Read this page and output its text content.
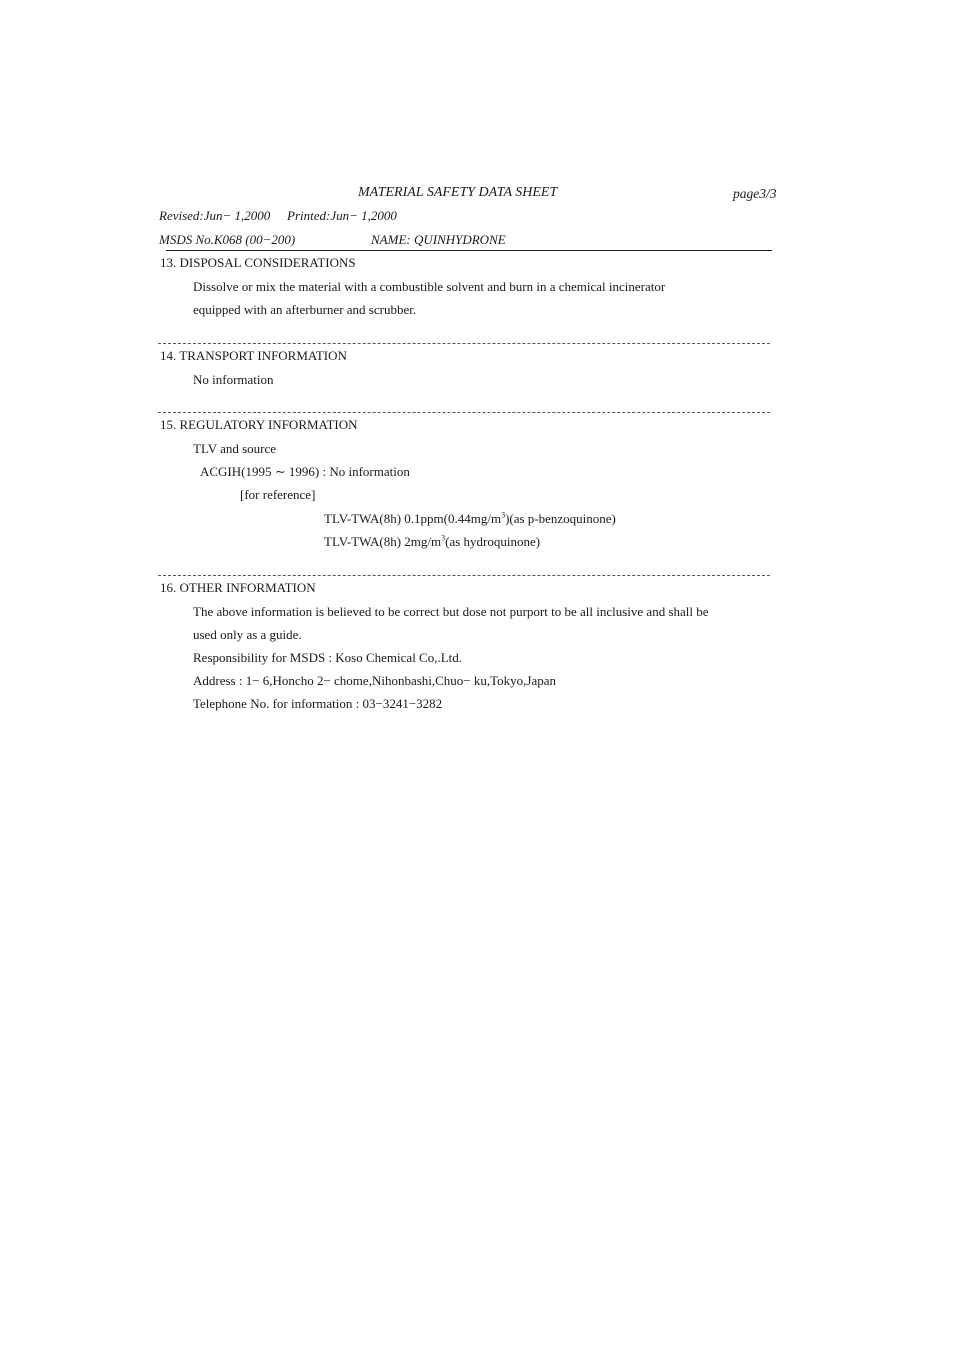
MATERIAL SAFETY DATA SHEET	page3/3
Revised:Jun− 1,2000 Printed:Jun− 1,2000
MSDS No.K068 (00−200)	NAME: QUINHYDRONE
13. DISPOSAL CONSIDERATIONS
Dissolve or mix the material with a combustible solvent and burn in a chemical incinerator
equipped with an afterburner and scrubber.
14. TRANSPORT INFORMATION
No information
15. REGULATORY INFORMATION
TLV and source
ACGIH(1995 ∼ 1996) : No information
[for reference]
TLV-TWA(8h) $0.1ppm(0.44mg/m^3)(as$ p-benzoquinone)
TLV-TWA(8h) $2mg/m^3(as$ hydroquinone)
16. OTHER INFORMATION
The above information is believed to be correct but dose not purport to be all inclusive and shall be
used only as a guide.
Responsibility for MSDS : Koso Chemical Co,.Ltd.
Address : 1− 6,Honcho 2− chome,Nihonbashi,Chuo− ku,Tokyo,Japan
Telephone No. for information : 03−3241−3282
